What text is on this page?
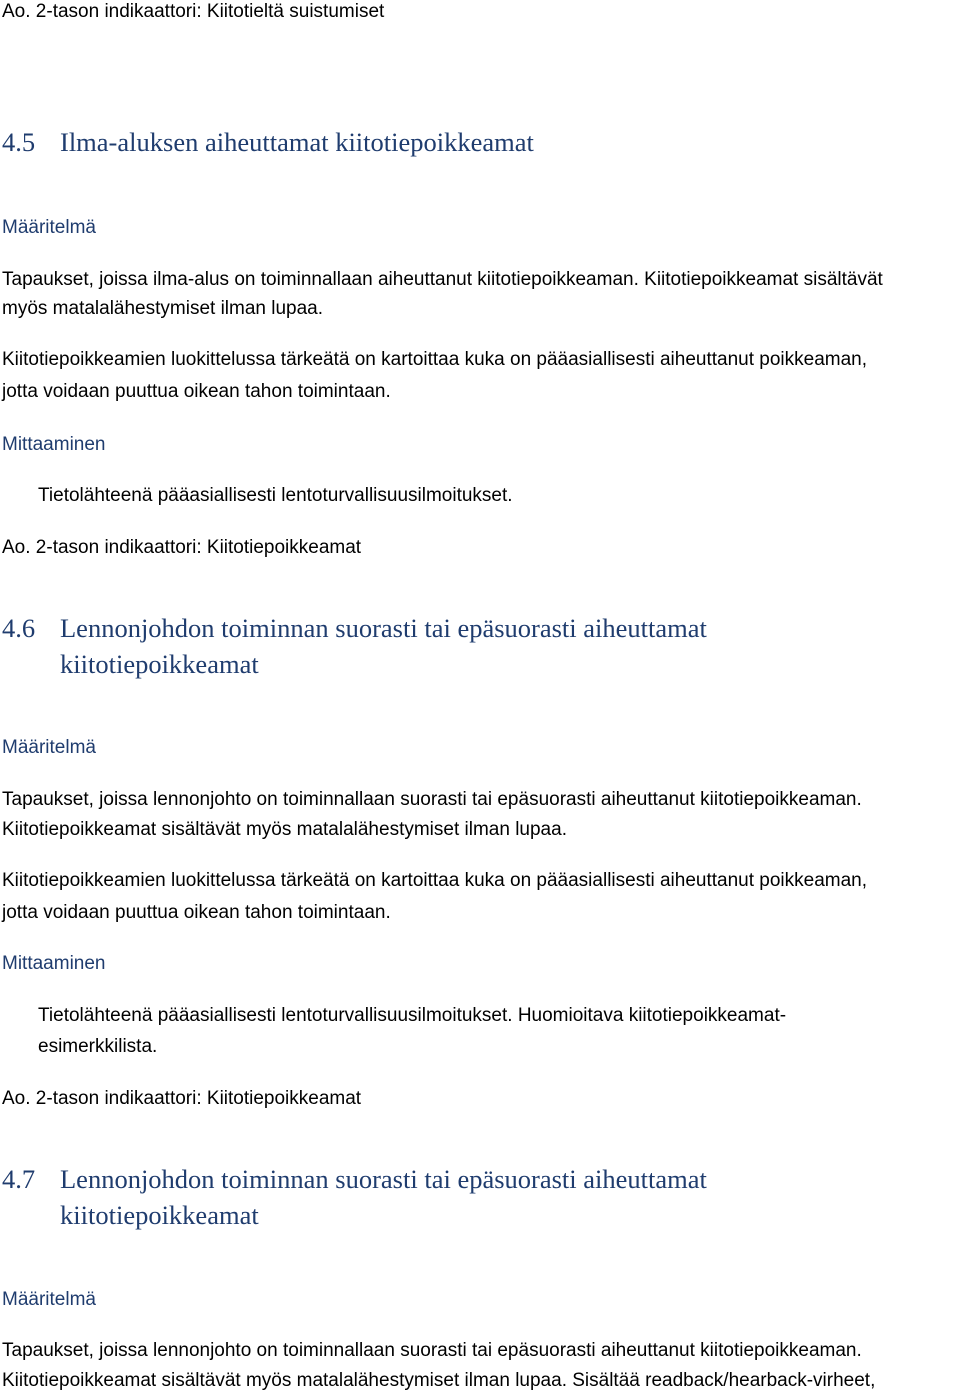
Ao. 2-tason indikaattori: Kiitotieltä suistumiset
4.5 Ilma-aluksen aiheuttamat kiitotiepoikkeamat
Määritelmä
Tapaukset, joissa ilma-alus on toiminnallaan aiheuttanut kiitotiepoikkeaman. Kiitotiepoikkeamat sisältävät
myös matalalähestymiset ilman lupaa.
Kiitotiepoikkeamien luokittelussa tärkeätä on kartoittaa kuka on pääasiallisesti aiheuttanut poikkeaman,
jotta voidaan puuttua oikean tahon toimintaan.
Mittaaminen
Tietolähteenä pääasiallisesti lentoturvallisuusilmoitukset.
Ao. 2-tason indikaattori: Kiitotiepoikkeamat
4.6 Lennonjohdon toiminnan suorasti tai epäsuorasti aiheuttamat
kiitotiepoikkeamat
Määritelmä
Tapaukset, joissa lennonjohto on toiminnallaan suorasti tai epäsuorasti aiheuttanut kiitotiepoikkeaman.
Kiitotiepoikkeamat sisältävät myös matalalähestymiset ilman lupaa.
Kiitotiepoikkeamien luokittelussa tärkeätä on kartoittaa kuka on pääasiallisesti aiheuttanut poikkeaman,
jotta voidaan puuttua oikean tahon toimintaan.
Mittaaminen
Tietolähteenä pääasiallisesti lentoturvallisuusilmoitukset. Huomioitava kiitotiepoikkeamat-
esimerkkilista.
Ao. 2-tason indikaattori: Kiitotiepoikkeamat
4.7 Lennonjohdon toiminnan suorasti tai epäsuorasti aiheuttamat
kiitotiepoikkeamat
Määritelmä
Tapaukset, joissa lennonjohto on toiminnallaan suorasti tai epäsuorasti aiheuttanut kiitotiepoikkeaman.
Kiitotiepoikkeamat sisältävät myös matalalähestymiset ilman lupaa. Sisältää readback/hearback-virheet,
